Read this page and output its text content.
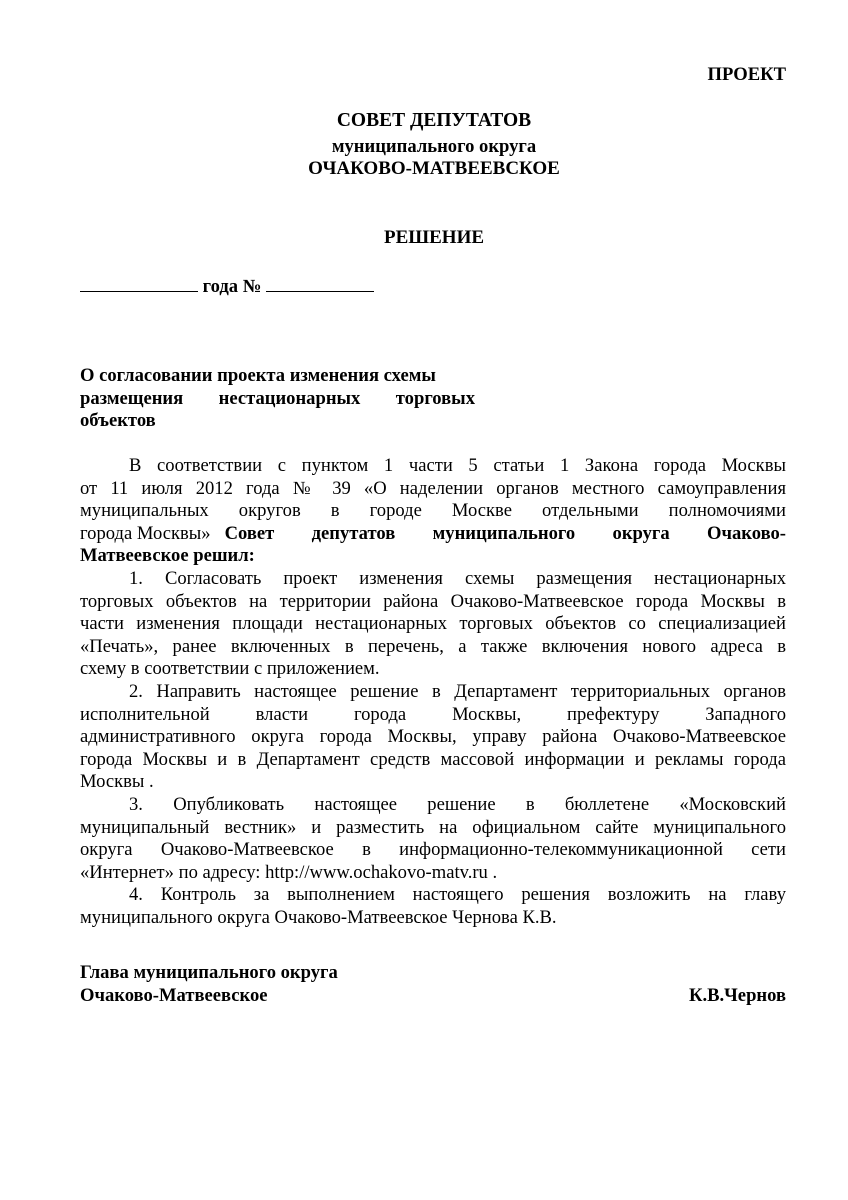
ПРОЕКТ
СОВЕТ ДЕПУТАТОВ
муниципального округа
ОЧАКОВО-МАТВЕЕВСКОЕ
РЕШЕНИЕ
года №
О согласовании проекта изменения схемы
размещения нестационарных торговых
объектов
В соответствии с пунктом 1 части 5 статьи 1 Закона города Москвы
от 11 июля 2012 года № 39 «О наделении органов местного самоуправления
муниципальных округов в городе Москве отдельными полномочиями
города Москвы» Совет депутатов муниципального округа Очаково-
Матвеевское решил:
1. Согласовать проект изменения схемы размещения нестационарных
торговых объектов на территории района Очаково-Матвеевское города Москвы в
части изменения площади нестационарных торговых объектов со специализацией
«Печать», ранее включенных в перечень, а также включения нового адреса в
схему в соответствии с приложением.
2. Направить настоящее решение в Департамент территориальных органов
исполнительной власти города Москвы, префектуру Западного
административного округа города Москвы, управу района Очаково-Матвеевское
города Москвы и в Департамент средств массовой информации и рекламы города
Москвы .
3. Опубликовать настоящее решение в бюллетене «Московский
муниципальный вестник» и разместить на официальном сайте муниципального
округа Очаково-Матвеевское в информационно-телекоммуникационной сети
«Интернет» по адресу: http://www.ochakovo-matv.ru .
4. Контроль за выполнением настоящего решения возложить на главу
муниципального округа Очаково-Матвеевское Чернова К.В.
Глава муниципального округа
Очаково-Матвеевское	К.В.Чернов
